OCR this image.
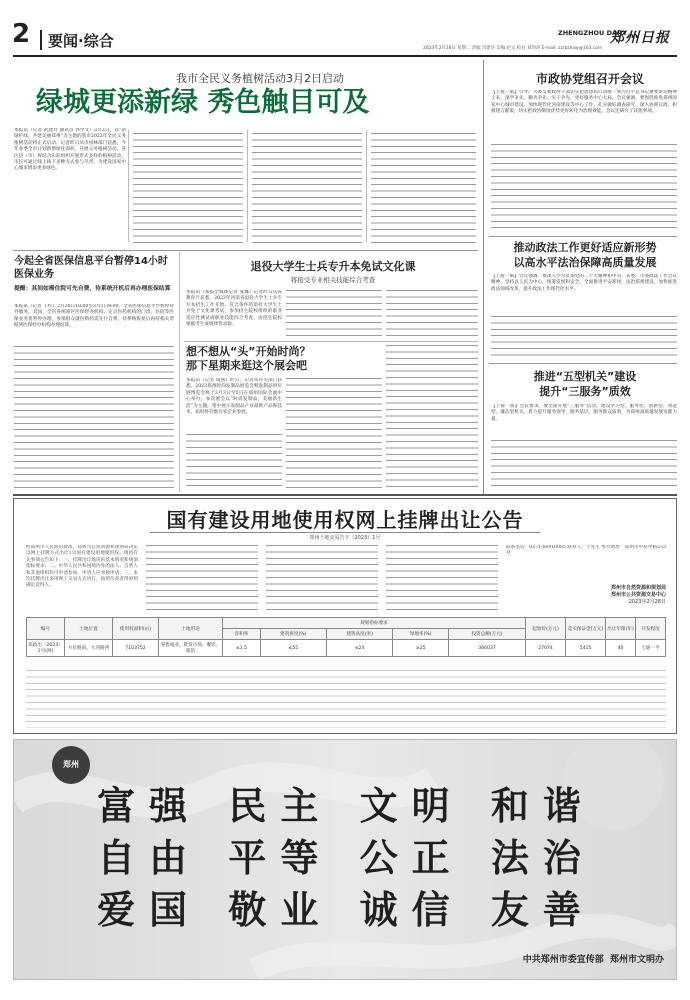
2 要闻·综合	ZHENGZHOU DAILY
郑州日报
2023年2月28日 星期二 责编 肖建华 美编 赵文 校对 刘剑涛 E-mail: zzrbzhxw@163.com
我市全民义务植树活动3月2日启动
绿城更添新绿 秀色触目可及
本报讯（记者 武建玲 通讯员 郭学文）3月2日，以“添绿护绿，共建美丽郑州”为主题的我市2023年全民义务植树活动将正式启动。记者昨日从市园林部门获悉，今年春季全市计划新增绿化面积，开展义务植树活动，各区县（市）将结合实际组织开展形式多样的植树活动，市民可通过线上线下多种方式参与尽责，为建设国家中心城市增添更多绿色。
市政协党组召开会议
【上接一版】引导广大委员和政协干部切实把思想和行动统一到习近平总书记重要讲话精神上来，深学争先、勤为争先、实干争先，更好服务中心大局。会议强调，要围绕推进郑州国家中心城市建设、加快现代化河南建设等中心工作，扎实做好调查研究，深入协商议政，积极建言献策，切实把政协制度优势更好转化为治理效能。会议还研究了其他事项。
推动政法工作更好适应新形势
以高水平法治保障高质量发展
【上接一版】会议强调，要深入学习贯彻党的二十大精神和中央、省委、市委政法工作会议精神，坚持以人民为中心，统筹发展和安全，全面推进平安郑州、法治郑州建设，加快推进政法领域改革，提升政法工作现代化水平。
推进“五型机关”建设
提升“三服务”质效
【上接一版】会议要求，要全面开展“三服务”活动，建设学习型、服务型、创新型、效能型、廉洁型机关，着力提升服务领导、服务基层、服务群众质效，为郑州高质量发展贡献力量。
今起全省医保信息平台暂停14小时医保业务
提醒：其间如需住院可先自费，待系统开机后再办理医保结算
本报讯（记者 王红）2月28日18:00至3月1日8:00，全省医保信息平台暂停对外服务。其间，全省各统筹区医保经办机构、定点医药机构的门诊、住院等医保业务将暂停办理，参保群众就医购药需先行自费，待系统恢复后再持相关票据到医保经办机构办理结算。
退役大学生士兵专升本免试文化课
将接受专业相关技能综合考查
本报讯（郑报全媒体记者 张娜）记者昨日从省教育厅获悉，2023年河南省退役大学生士兵专升本招生工作开始。符合条件的退役大学生士兵免于文化课考试，参加招生院校组织的职业适应性测试或职业技能综合考查，由招生院校根据考生成绩择优录取。
想不想从“头”开始时尚？
那下星期来逛这个展会吧
本报讯（记者 成燕）昨日，记者从有关部门获悉，2023郑州时尚发制品展览会暨发制品供应链博览会将于3月3日至5日在郑州国际会展中心举行。本次展会以“时尚发制品，美丽新生活”为主题，集中展示发制品产业最新产品和技术，届时将有数百家企业参展。
国有建设用地使用权网上挂牌出让公告
郑州土地交易告字（2023）1号
经郑州市人民政府批准，郑州市自然资源和规划局决定以网上挂牌方式出让1宗国有建设用地使用权。现将有关事项公告如下：一、挂牌出让地块的基本情况和规划指标要求；二、中华人民共和国境内外的法人、自然人和其他组织均可申请参加，申请人应单独申请；三、本次挂牌出让采用网上交易方式进行，按照价高者得原则确定竞得人。
联系电话：0371-66910085 联系人：于先生 单位地址：郑州市中原中路233号
郑州市自然资源和规划局
郑州市公共资源交易中心
2023年2月28日
编号	土地位置	使用权面积(㎡)	土地用途	规划指标要求					起始价(万元)	竞买保证金(万元)	出让年限(年)	开发程度
				容积率	建筑密度(%)	建筑高度(米)	绿地率(%)	投资总额(万元)				
郑政出〔2023〕1号(网)	方位路南、大河路西	7103752	零售商业、批发市场、餐饮、旅馆	≤1.5	≤55	≤24	≥25	366037	27074	5415	40	七通一平
郑州
富强 民主 文明 和谐
自由 平等 公正 法治
爱国 敬业 诚信 友善
中共郑州市委宣传部  郑州市文明办
